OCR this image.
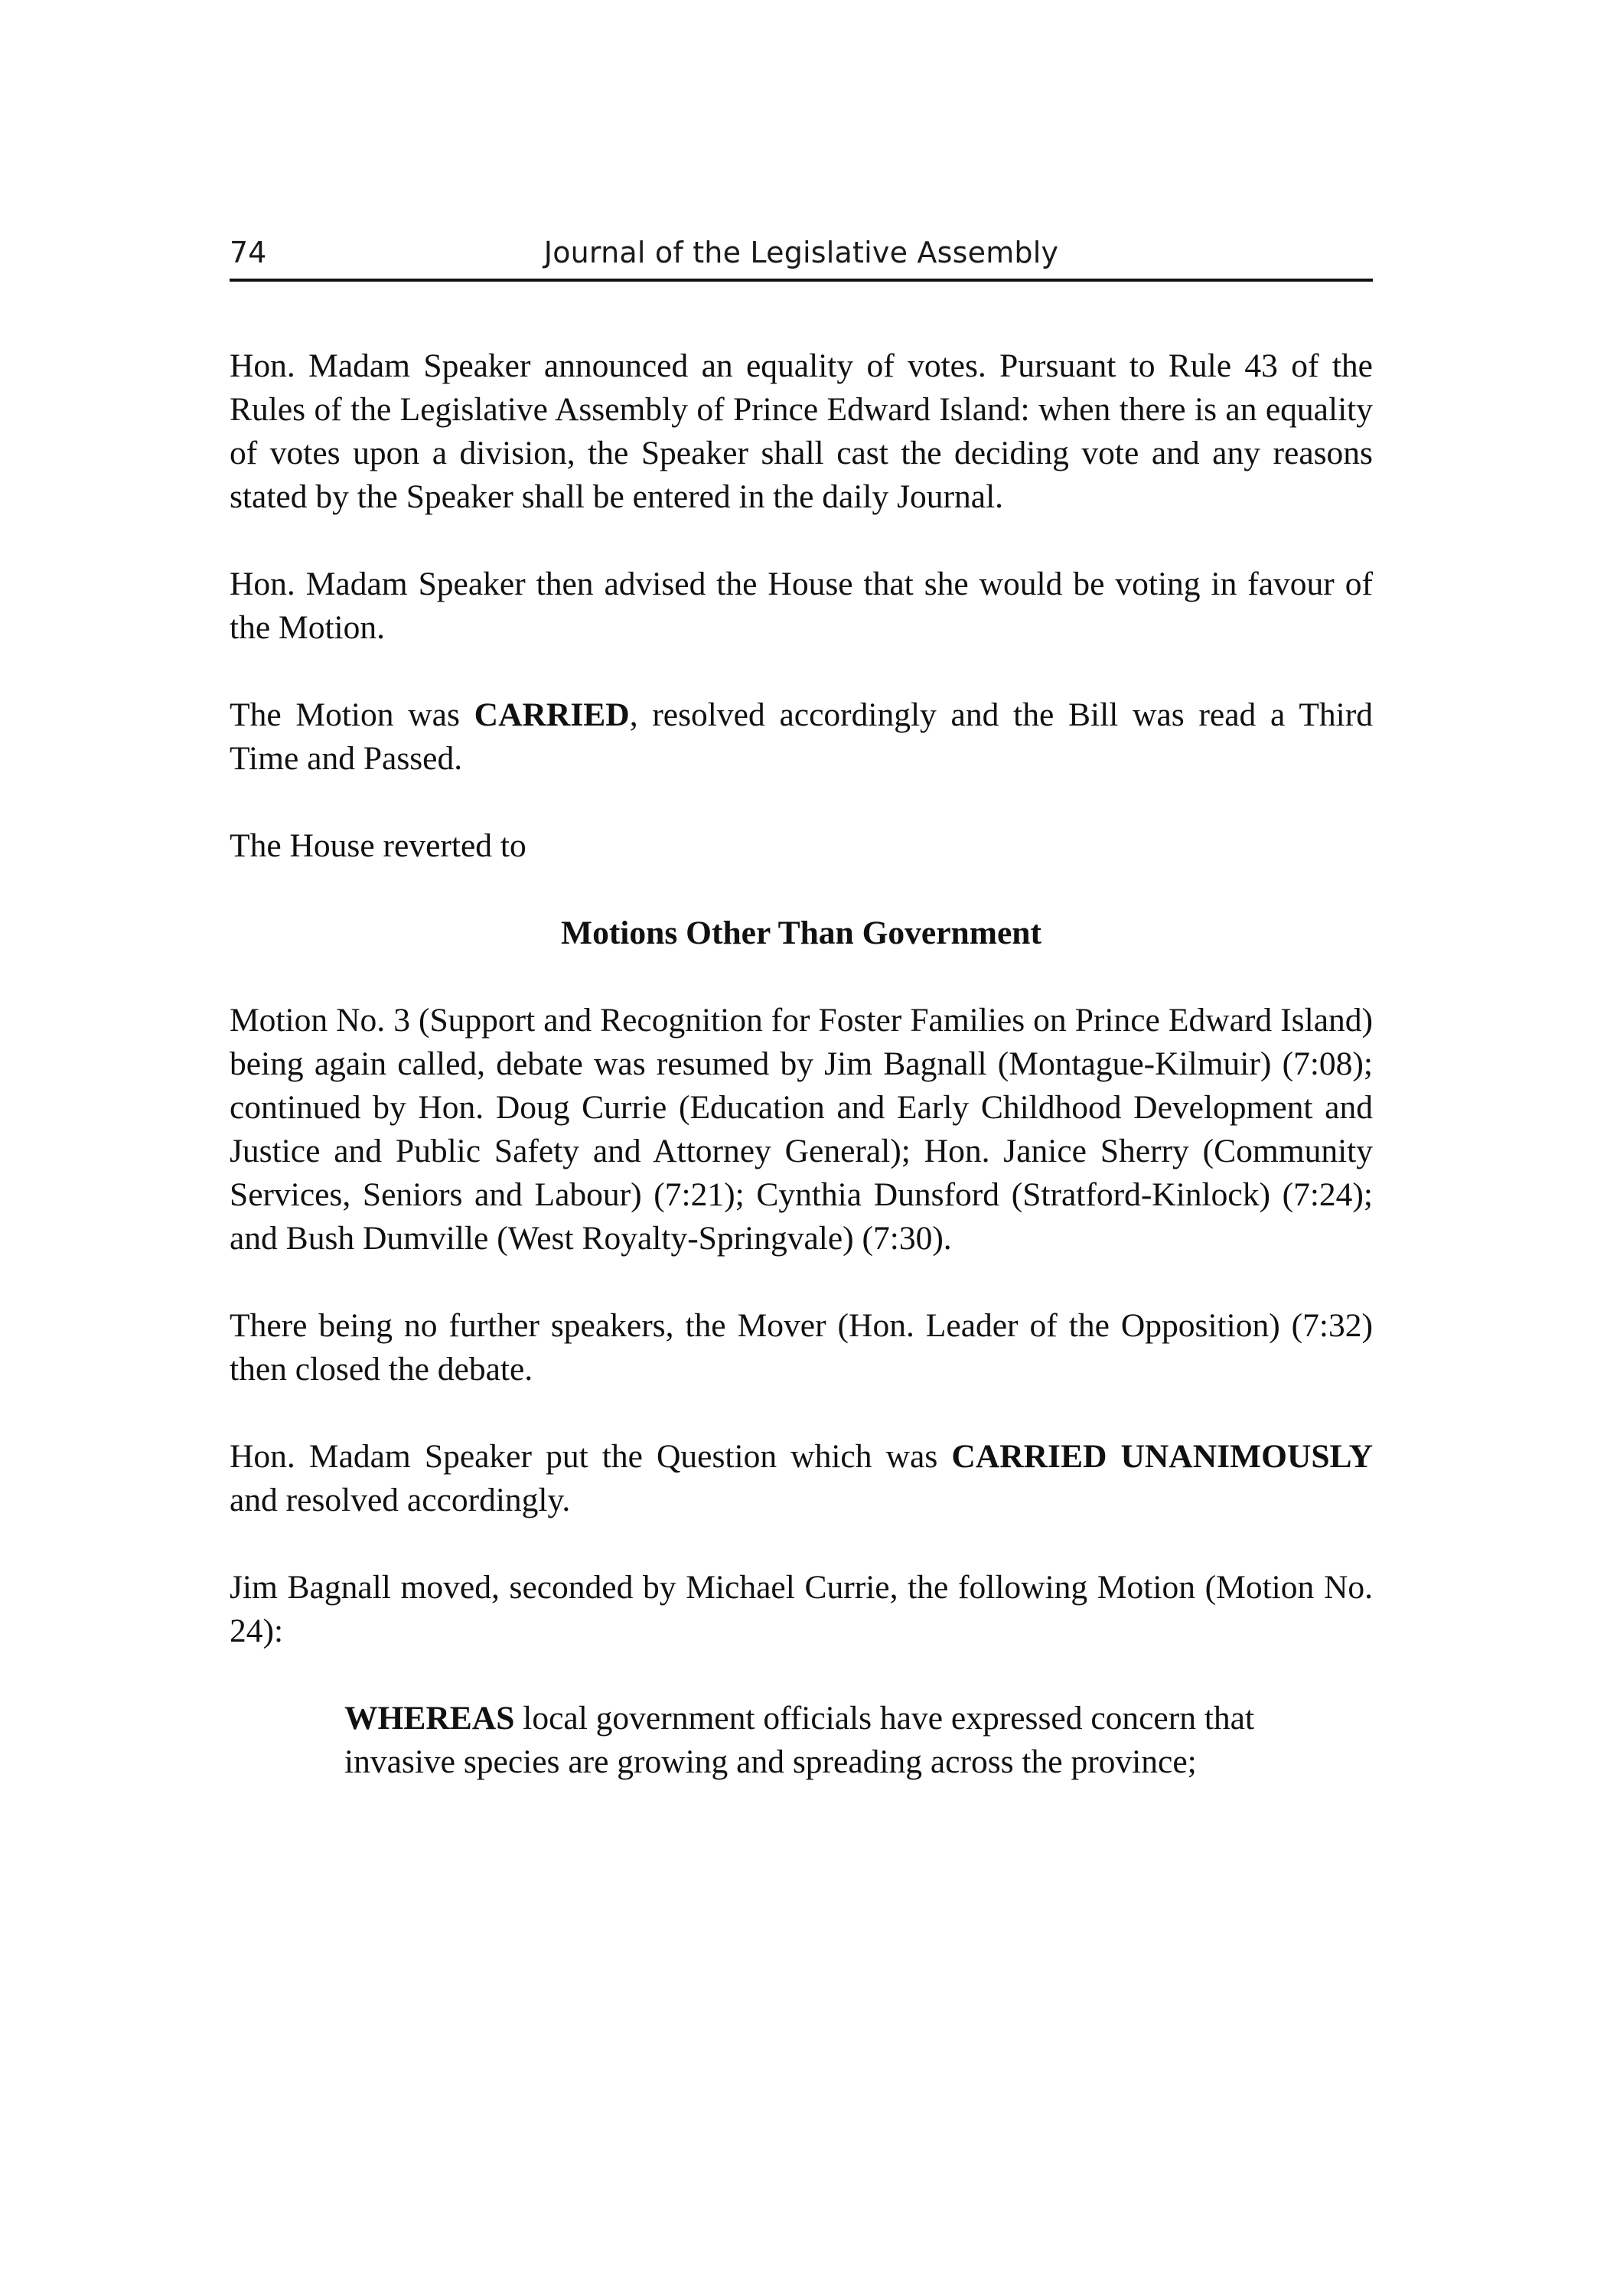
74	Journal of the Legislative Assembly

Hon. Madam Speaker announced an equality of votes. Pursuant to Rule 43 of the Rules of the Legislative Assembly of Prince Edward Island: when there is an equality of votes upon a division, the Speaker shall cast the deciding vote and any reasons stated by the Speaker shall be entered in the daily Journal.

Hon. Madam Speaker then advised the House that she would be voting in favour of the Motion.

The Motion was CARRIED, resolved accordingly and the Bill was read a Third Time and Passed.

The House reverted to

Motions Other Than Government

Motion No. 3 (Support and Recognition for Foster Families on Prince Edward Island) being again called, debate was resumed by Jim Bagnall (Montague-Kilmuir) (7:08); continued by Hon. Doug Currie (Education and Early Childhood Development and Justice and Public Safety and Attorney General); Hon. Janice Sherry (Community Services, Seniors and Labour) (7:21); Cynthia Dunsford (Stratford-Kinlock) (7:24); and Bush Dumville (West Royalty-Springvale) (7:30).

There being no further speakers, the Mover (Hon. Leader of the Opposition) (7:32) then closed the debate.

Hon. Madam Speaker put the Question which was CARRIED UNANIMOUSLY and resolved accordingly.

Jim Bagnall moved, seconded by Michael Currie, the following Motion (Motion No. 24):

WHEREAS local government officials have expressed concern that invasive species are growing and spreading across the province;
